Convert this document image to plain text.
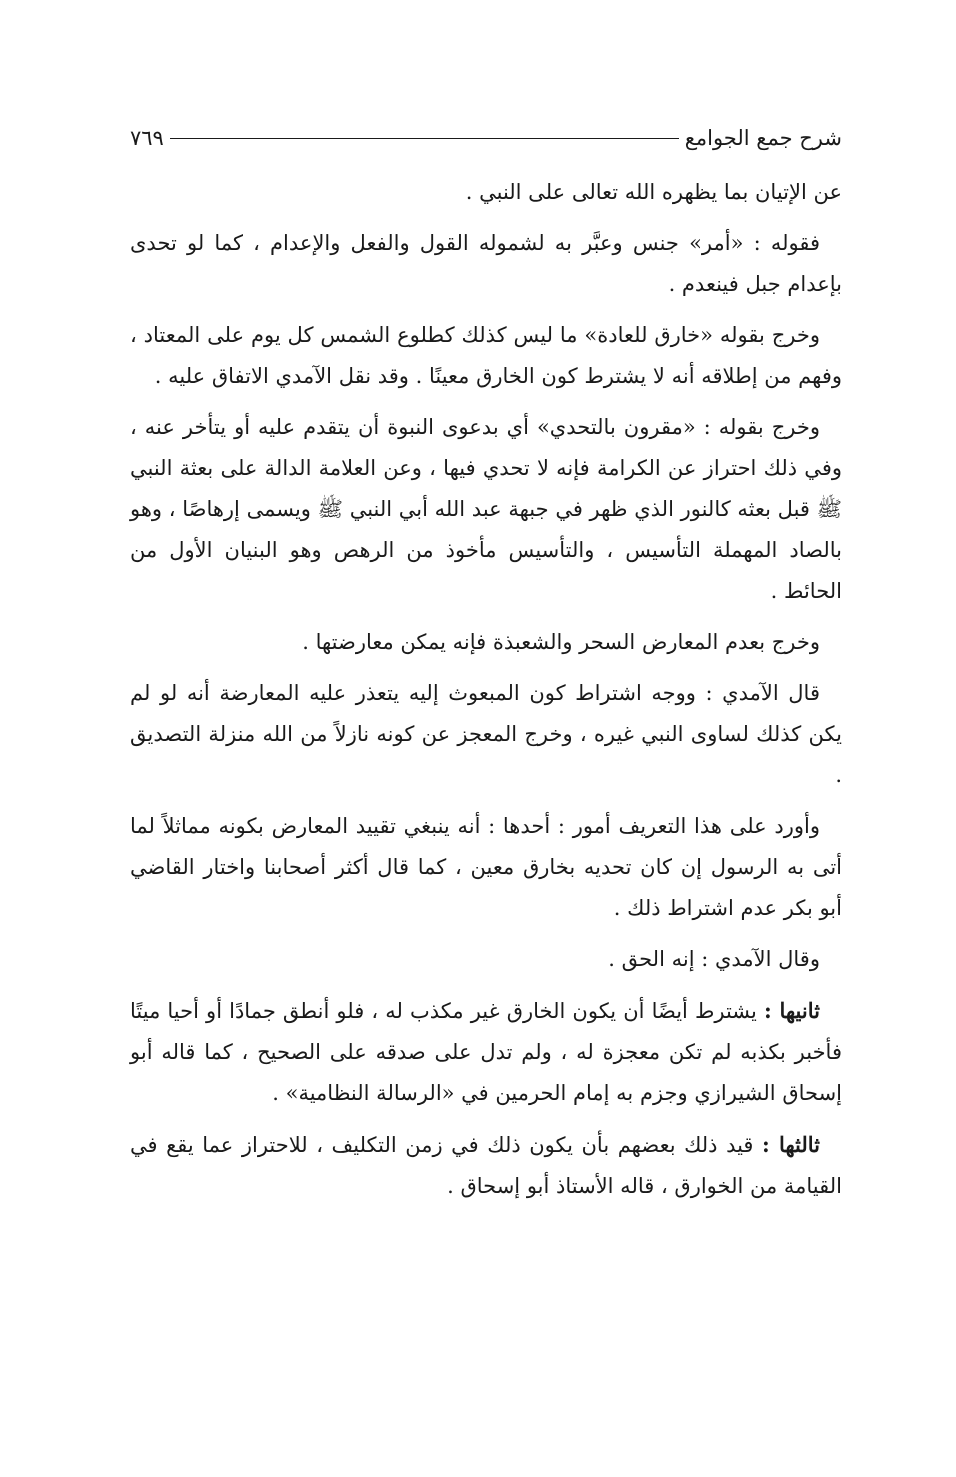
شرح جمع الجوامع
٧٦٩

عن الإتيان بما يظهره الله تعالى على النبي .

فقوله : «أمر» جنس وعبَّر به لشموله القول والفعل والإعدام ، كما لو تحدى بإعدام جبل فينعدم .

وخرج بقوله «خارق للعادة» ما ليس كذلك كطلوع الشمس كل يوم على المعتاد ، وفهم من إطلاقه أنه لا يشترط كون الخارق معينًا . وقد نقل الآمدي الاتفاق عليه .

وخرج بقوله : «مقرون بالتحدي» أي بدعوى النبوة أن يتقدم عليه أو يتأخر عنه ، وفي ذلك احتراز عن الكرامة فإنه لا تحدي فيها ، وعن العلامة الدالة على بعثة النبي ﷺ قبل بعثه كالنور الذي ظهر في جبهة عبد الله أبي النبي ﷺ ويسمى إرهاصًا ، وهو بالصاد المهملة التأسيس ، والتأسيس مأخوذ من الرهص وهو البنيان الأول من الحائط .

وخرج بعدم المعارض السحر والشعبذة فإنه يمكن معارضتها .

قال الآمدي : ووجه اشتراط كون المبعوث إليه يتعذر عليه المعارضة أنه لو لم يكن كذلك لساوى النبي غيره ، وخرج المعجز عن كونه نازلاً من الله منزلة التصديق .

وأورد على هذا التعريف أمور : أحدها : أنه ينبغي تقييد المعارض بكونه مماثلاً لما أتى به الرسول إن كان تحديه بخارق معين ، كما قال أكثر أصحابنا واختار القاضي أبو بكر عدم اشتراط ذلك .

وقال الآمدي : إنه الحق .

ثانيها : يشترط أيضًا أن يكون الخارق غير مكذب له ، فلو أنطق جمادًا أو أحيا ميتًا فأخبر بكذبه لم تكن معجزة له ، ولم تدل على صدقه على الصحيح ، كما قاله أبو إسحاق الشيرازي وجزم به إمام الحرمين في «الرسالة النظامية» .

ثالثها : قيد ذلك بعضهم بأن يكون ذلك في زمن التكليف ، للاحتراز عما يقع في القيامة من الخوارق ، قاله الأستاذ أبو إسحاق .
